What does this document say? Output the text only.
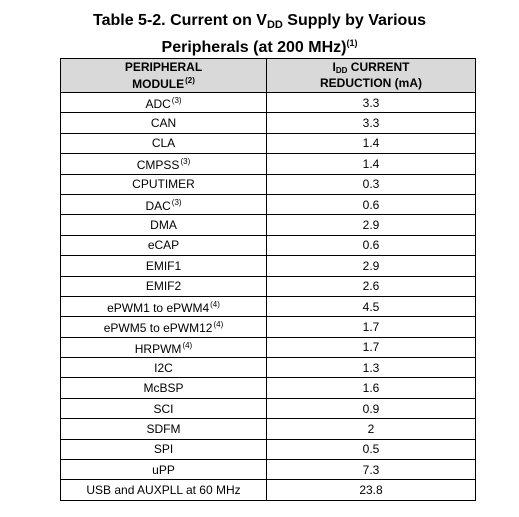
Table 5-2. Current on $V_{DD}$ Supply by Various
Peripherals (at 200 MHz)$^{(1)}$
PERIPHERAL
MODULE$^{(2)}$	$I_{DD}$ CURRENT
REDUCTION (mA)
ADC$^{(3)}$	3.3
CAN	3.3
CLA	1.4
CMPSS$^{(3)}$	1.4
CPUTIMER	0.3
DAC$^{(3)}$	0.6
DMA	2.9
eCAP	0.6
EMIF1	2.9
EMIF2	2.6
ePWM1 to ePWM4$^{(4)}$	4.5
ePWM5 to ePWM12$^{(4)}$	1.7
HRPWM$^{(4)}$	1.7
I2C	1.3
McBSP	1.6
SCI	0.9
SDFM	2
SPI	0.5
uPP	7.3
USB and AUXPLL at 60 MHz	23.8
